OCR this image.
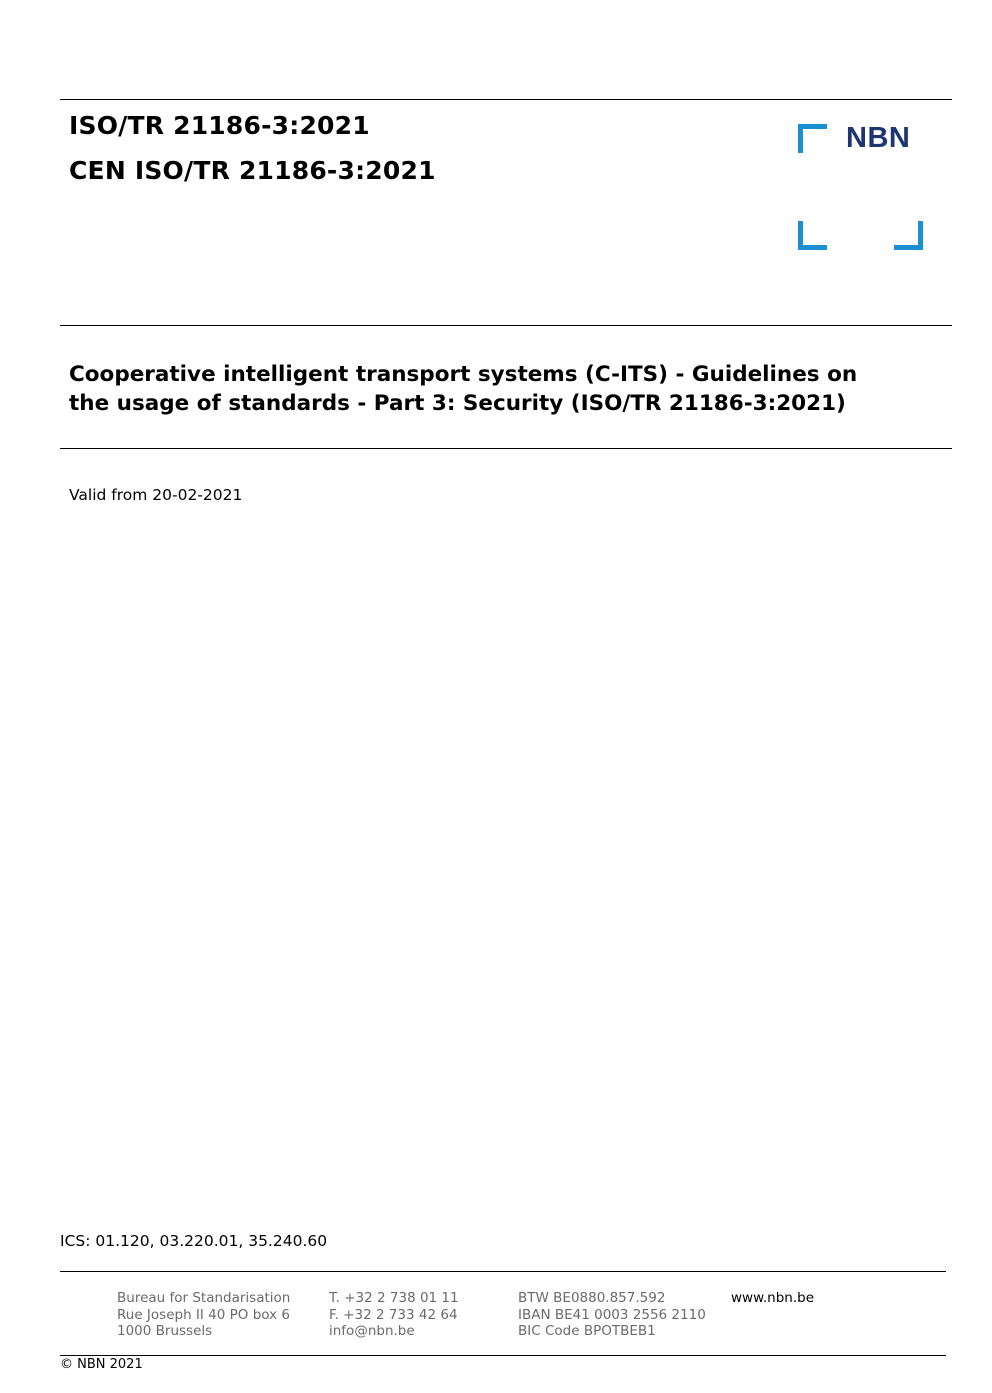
ISO/TR 21186-3:2021
CEN ISO/TR 21186-3:2021
NBN
Cooperative intelligent transport systems (C-ITS) - Guidelines on
the usage of standards - Part 3: Security (ISO/TR 21186-3:2021)
Valid from 20-02-2021
ICS: 01.120, 03.220.01, 35.240.60
Bureau for Standarisation
Rue Joseph II 40 PO box 6
1000 Brussels
T. +32 2 738 01 11
F. +32 2 733 42 64
info@nbn.be
BTW BE0880.857.592
IBAN BE41 0003 2556 2110
BIC Code BPOTBEB1
www.nbn.be
© NBN 2021
